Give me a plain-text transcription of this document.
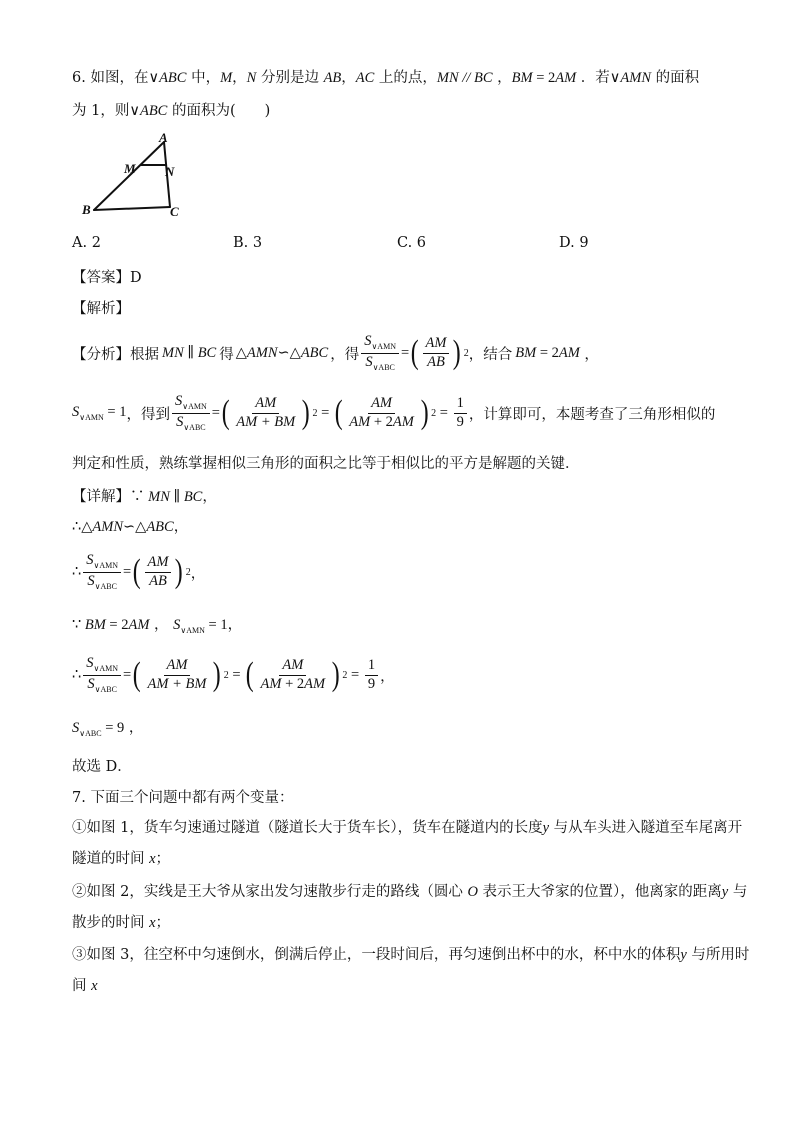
6. 如图，在∨ABC 中，M，N 分别是边 AB，AC 上的点，MN // BC ，BM = 2AM ．若∨AMN 的面积
为 1，则∨ABC 的面积为(　　)
A
M N
B	C
A. 2	B. 3	C. 6	D. 9
【答案】D
【解析】
【分析】根据 MN ∥ BC 得 △AMN∽△ABC ，得 $\frac{S_{\vee AMN}}{S_{\vee ABC}}$ = ( $\frac{AM}{AB}$ ) 2 ，结合 BM = 2 AM ，
$S_{\vee AMN} = 1$ ，得到 $\frac{S_{\vee AMN}}{S_{\vee ABC}}$ = ( $\frac{AM}{AM + BM}$ ) 2 = ( $\frac{AM}{AM + 2AM}$ ) $2 = \frac{1}{9}$ ，计算即可，本题考查了三角形相似的
判定和性质，熟练掌握相似三角形的面积之比等于相似比的平方是解题的关键．
【详解】∵ MN ∥ BC，
∴△AMN∽△ABC，
∴ $\frac{S_{\vee AMN}}{S_{\vee ABC}}$ = ( $\frac{AM}{AB}$ ) 2 ，
∵ BM = 2AM ， $S_{\vee AMN} = 1$，
∴ $\frac{S_{\vee AMN}}{S_{\vee ABC}}$ = ( $\frac{AM}{AM + BM}$ ) 2 = ( $\frac{AM}{AM + 2AM}$ ) $2 = \frac{1}{9}$ ，
$S_{\vee ABC} = 9$ ，
故选 D．
7. 下面三个问题中都有两个变量：
①如图 1，货车匀速通过隧道（隧道长大于货车长），货车在隧道内的长度y 与从车头进入隧道至车尾离开
隧道的时间 x；
②如图 2，实线是王大爷从家出发匀速散步行走的路线（圆心 O 表示王大爷家的位置），他离家的距离y 与
散步的时间 x；
③如图 3，往空杯中匀速倒水，倒满后停止，一段时间后，再匀速倒出杯中的水，杯中水的体积y 与所用时
间 x
